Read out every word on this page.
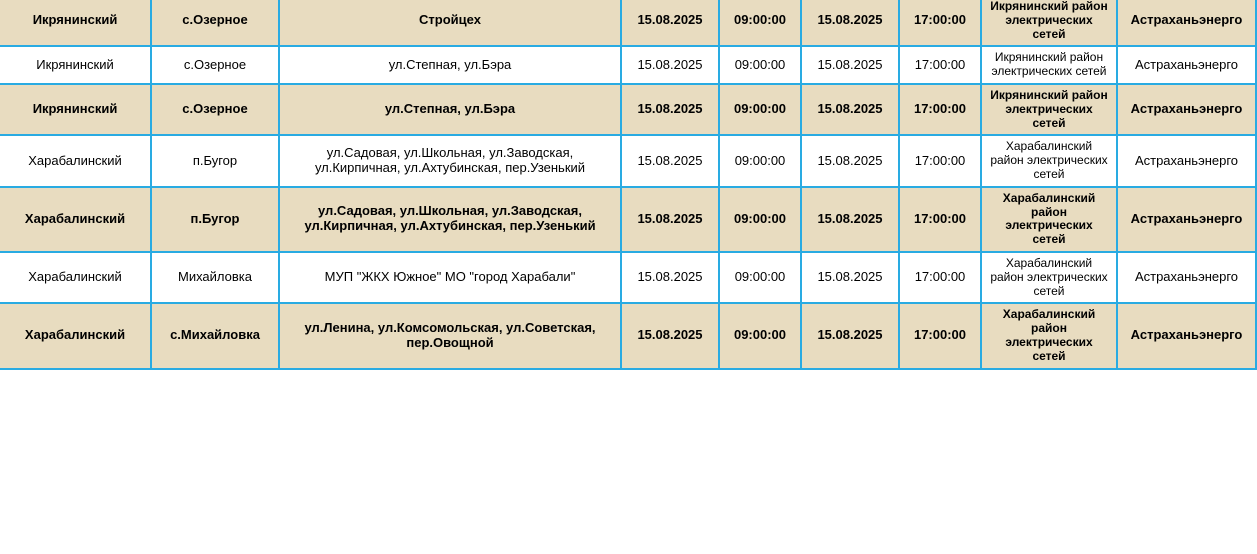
Икрянинский	с.Озерное	Стройцех	15.08.2025	09:00:00	15.08.2025	17:00:00	Икрянинский район электрических сетей	Астраханьэнерго
Икрянинский	с.Озерное	ул.Степная, ул.Бэра	15.08.2025	09:00:00	15.08.2025	17:00:00	Икрянинский район электрических сетей	Астраханьэнерго
Икрянинский	с.Озерное	ул.Степная, ул.Бэра	15.08.2025	09:00:00	15.08.2025	17:00:00	Икрянинский район электрических сетей	Астраханьэнерго
Харабалинский	п.Бугор	ул.Садовая, ул.Школьная, ул.Заводская, ул.Кирпичная, ул.Ахтубинская, пер.Узенький	15.08.2025	09:00:00	15.08.2025	17:00:00	Харабалинский район электрических сетей	Астраханьэнерго
Харабалинский	п.Бугор	ул.Садовая, ул.Школьная, ул.Заводская, ул.Кирпичная, ул.Ахтубинская, пер.Узенький	15.08.2025	09:00:00	15.08.2025	17:00:00	Харабалинский район электрических сетей	Астраханьэнерго
Харабалинский	Михайловка	МУП "ЖКХ Южное" МО "город Харабали"	15.08.2025	09:00:00	15.08.2025	17:00:00	Харабалинский район электрических сетей	Астраханьэнерго
Харабалинский	с.Михайловка	ул.Ленина, ул.Комсомольская, ул.Советская, пер.Овощной	15.08.2025	09:00:00	15.08.2025	17:00:00	Харабалинский район электрических сетей	Астраханьэнерго
